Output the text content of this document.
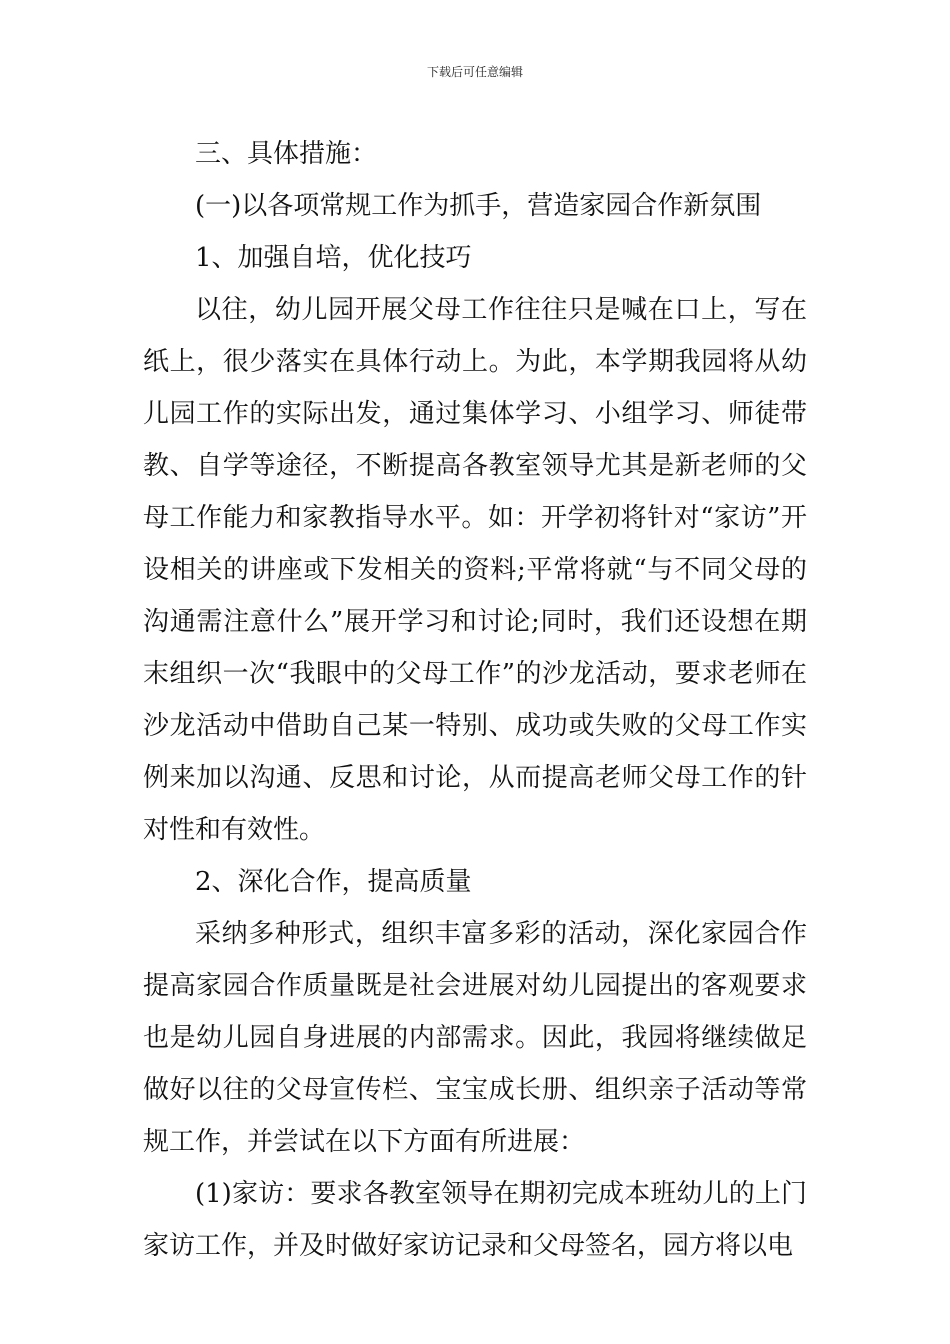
下载后可任意编辑

三、具体措施：

(一)以各项常规工作为抓手，营造家园合作新氛围

1、加强自培，优化技巧

以往，幼儿园开展父母工作往往只是喊在口上，写在纸上，很少落实在具体行动上。为此，本学期我园将从幼儿园工作的实际出发，通过集体学习、小组学习、师徒带教、自学等途径，不断提高各教室领导尤其是新老师的父母工作能力和家教指导水平。如：开学初将针对“家访”开设相关的讲座或下发相关的资料;平常将就“与不同父母的沟通需注意什么”展开学习和讨论;同时，我们还设想在期末组织一次“我眼中的父母工作”的沙龙活动，要求老师在沙龙活动中借助自己某一特别、成功或失败的父母工作实例来加以沟通、反思和讨论，从而提高老师父母工作的针对性和有效性。

2、深化合作，提高质量

采纳多种形式，组织丰富多彩的活动，深化家园合作提高家园合作质量既是社会进展对幼儿园提出的客观要求也是幼儿园自身进展的内部需求。因此，我园将继续做足做好以往的父母宣传栏、宝宝成长册、组织亲子活动等常规工作，并尝试在以下方面有所进展：

(1)家访：要求各教室领导在期初完成本班幼儿的上门家访工作，并及时做好家访记录和父母签名，园方将以电
